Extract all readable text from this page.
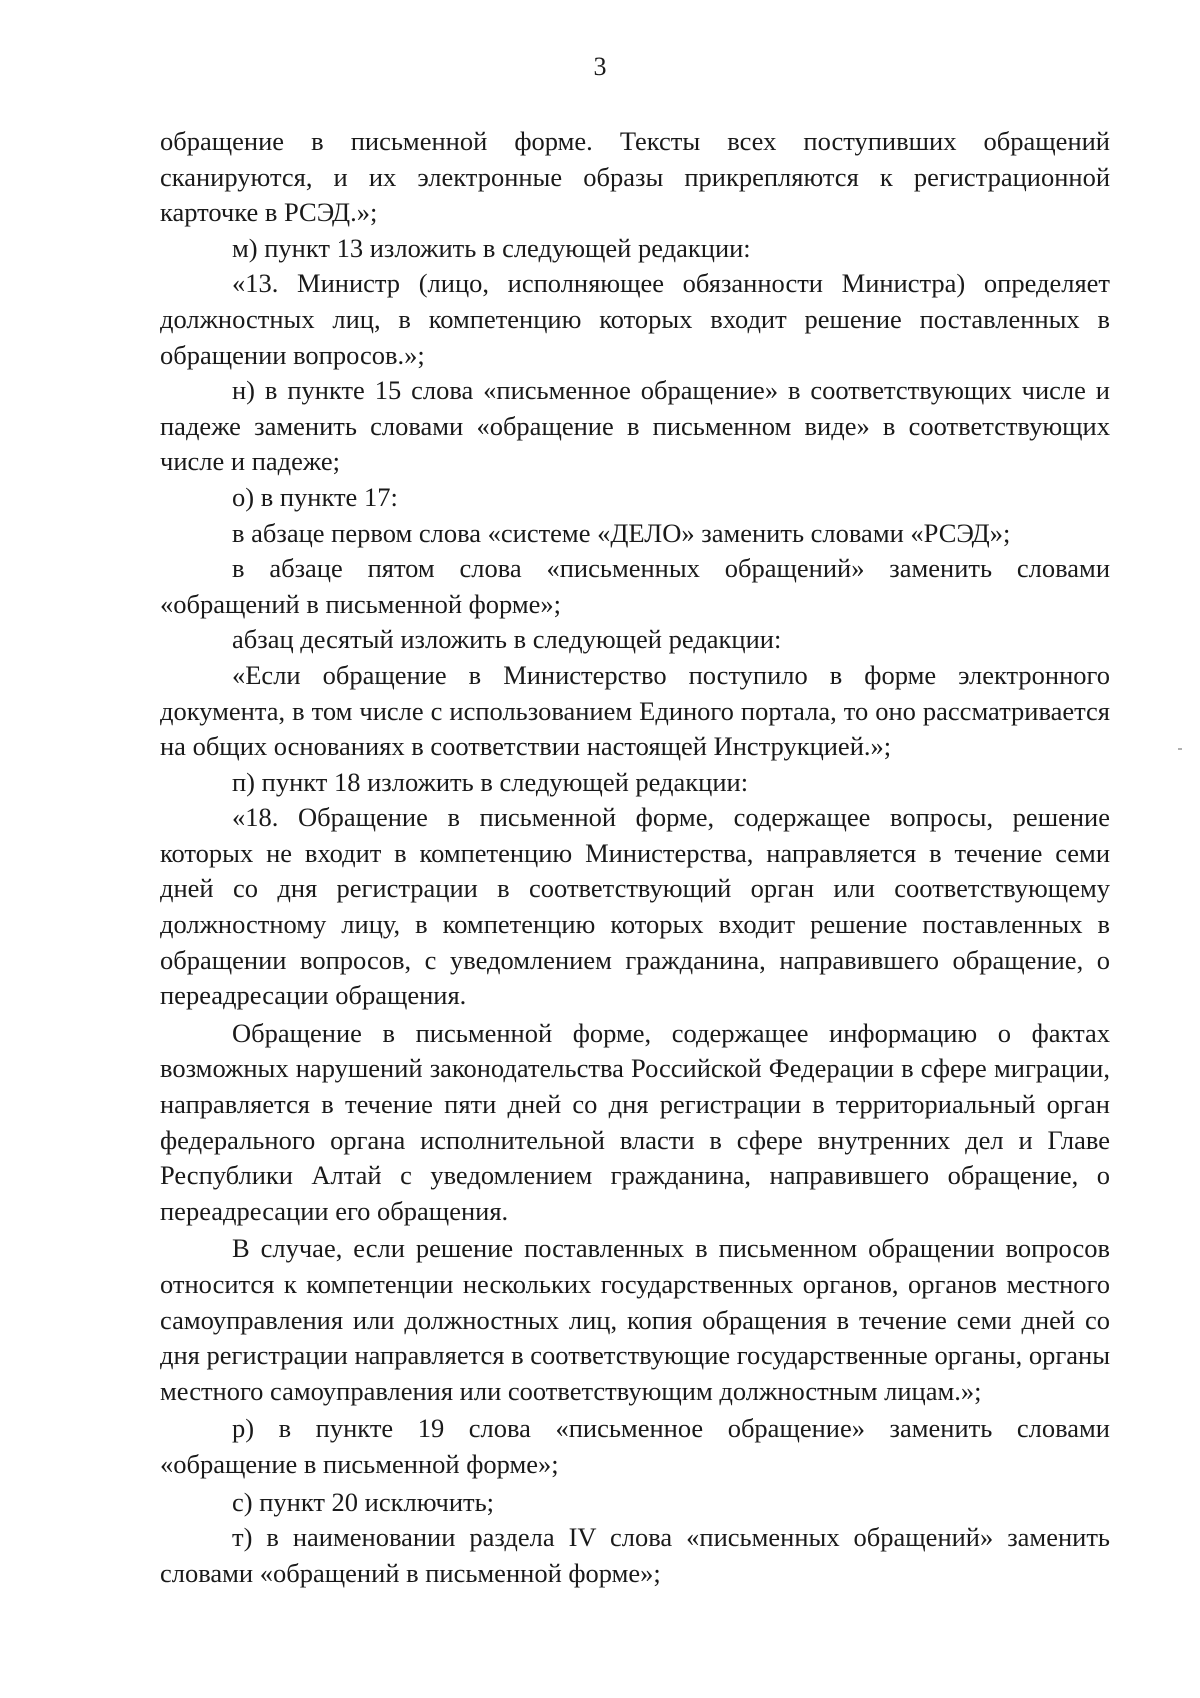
3

обращение в письменной форме. Тексты всех поступивших обращений сканируются, и их электронные образы прикрепляются к регистрационной карточке в РСЭД.»;

м) пункт 13 изложить в следующей редакции:

«13. Министр (лицо, исполняющее обязанности Министра) определяет должностных лиц, в компетенцию которых входит решение поставленных в обращении вопросов.»;

н) в пункте 15 слова «письменное обращение» в соответствующих числе и падеже заменить словами «обращение в письменном виде» в соответствующих числе и падеже;

о) в пункте 17:

в абзаце первом слова «системе «ДЕЛО» заменить словами «РСЭД»;

в абзаце пятом слова «письменных обращений» заменить словами «обращений в письменной форме»;

абзац десятый изложить в следующей редакции:

«Если обращение в Министерство поступило в форме электронного документа, в том числе с использованием Единого портала, то оно рассматривается на общих основаниях в соответствии настоящей Инструкцией.»;

п) пункт 18 изложить в следующей редакции:

«18. Обращение в письменной форме, содержащее вопросы, решение которых не входит в компетенцию Министерства, направляется в течение семи дней со дня регистрации в соответствующий орган или соответствующему должностному лицу, в компетенцию которых входит решение поставленных в обращении вопросов, с уведомлением гражданина, направившего обращение, о переадресации обращения.

Обращение в письменной форме, содержащее информацию о фактах возможных нарушений законодательства Российской Федерации в сфере миграции, направляется в течение пяти дней со дня регистрации в территориальный орган федерального органа исполнительной власти в сфере внутренних дел и Главе Республики Алтай с уведомлением гражданина, направившего обращение, о переадресации его обращения.

В случае, если решение поставленных в письменном обращении вопросов относится к компетенции нескольких государственных органов, органов местного самоуправления или должностных лиц, копия обращения в течение семи дней со дня регистрации направляется в соответствующие государственные органы, органы местного самоуправления или соответствующим должностным лицам.»;

р) в пункте 19 слова «письменное обращение» заменить словами «обращение в письменной форме»;

с) пункт 20 исключить;

т) в наименовании раздела IV слова «письменных обращений» заменить словами «обращений в письменной форме»;
